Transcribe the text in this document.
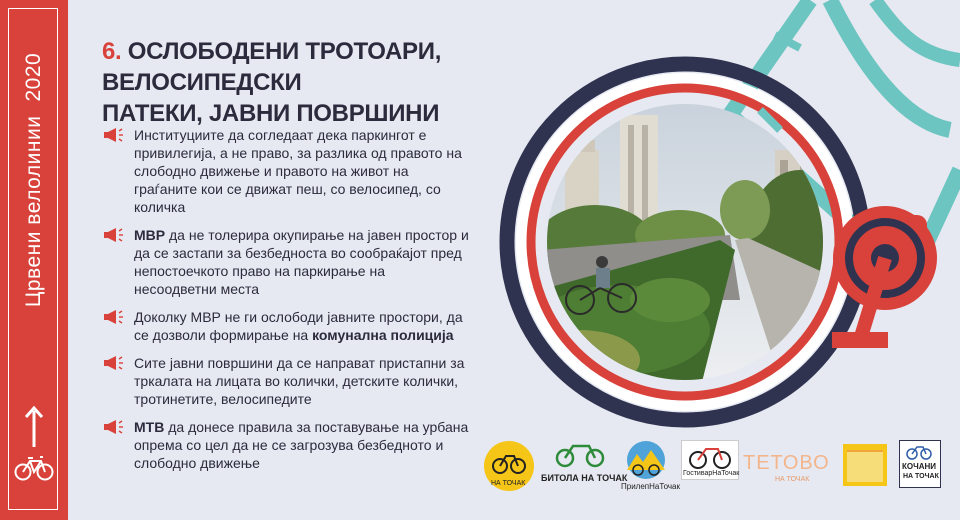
Црвени велолинии2020
6. ОСЛОБОДЕНИ ТРОТОАРИ, ВЕЛОСИПЕДСКИ
ПАТЕКИ, ЈАВНИ ПОВРШИНИ
Институциите да согледаат дека паркингот е привилегија, а не право, за разлика од правото на слободно движење и правото на живот на граѓаните кои се движат пеш, со велосипед, со количка
МВР да не толерира окупирање на јавен простор и да се застапи за безбедноста во сообраќајот пред непостоечкото право на паркирање на несоодветни места
Доколку МВР не ги ослободи јавните простори, да се дозволи формирање на комунална полиција
Сите јавни површини да се направат пристапни за тркалата на лицата во колички, детските колички, тротинетите, велосипедите
МТВ да донесе правила за поставување на урбана опрема со цел да не се загрозува безбедното и слободно движење
НА ТОЧАК
БИТОЛА НА ТОЧАК
ПрилепНаТочак
ГостиварНаТочак ТЕТОВО
НА ТОЧАК
КОЧАНИ
НА ТОЧАК
